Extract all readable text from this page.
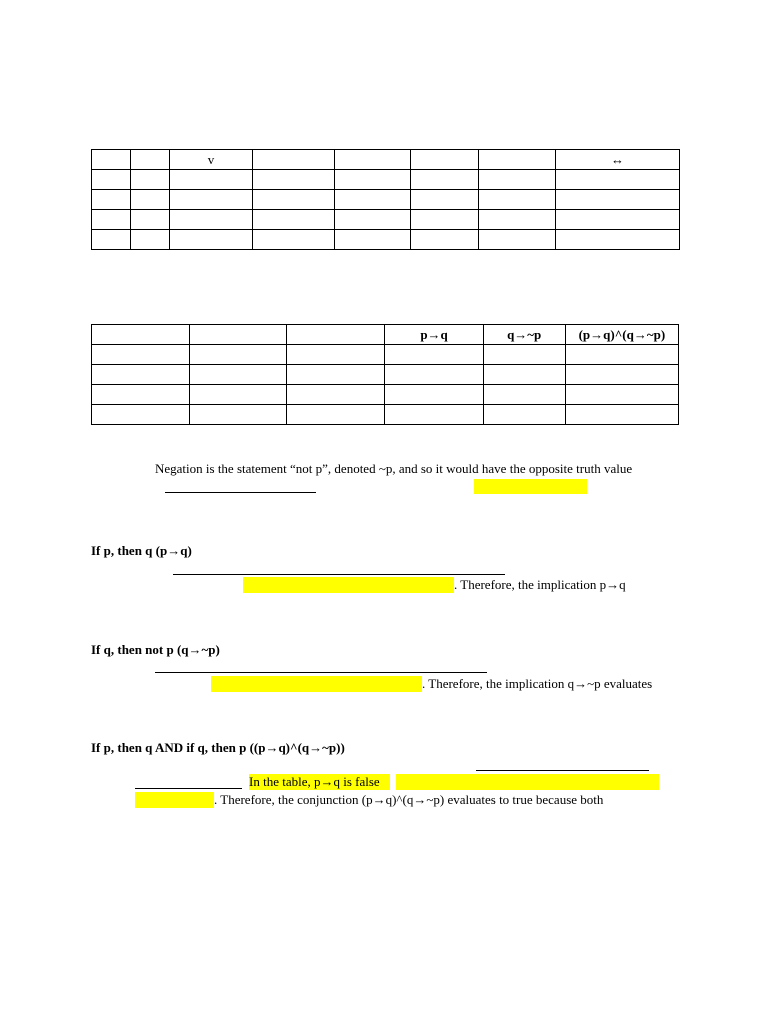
		v					↔

			p→q	q→~p	(p→q)^(q→~p)

Negation is the statement “not p”, denoted ~p, and so it would have the opposite truth value
If p, then q (p→q)
. Therefore, the implication p→q
If q, then not p (q→~p)
. Therefore, the implication q→~p evaluates
If p, then q AND if q, then p ((p→q)^(q→~p))
In the table, p→q is false
. Therefore, the conjunction (p→q)^(q→~p) evaluates to true because both
